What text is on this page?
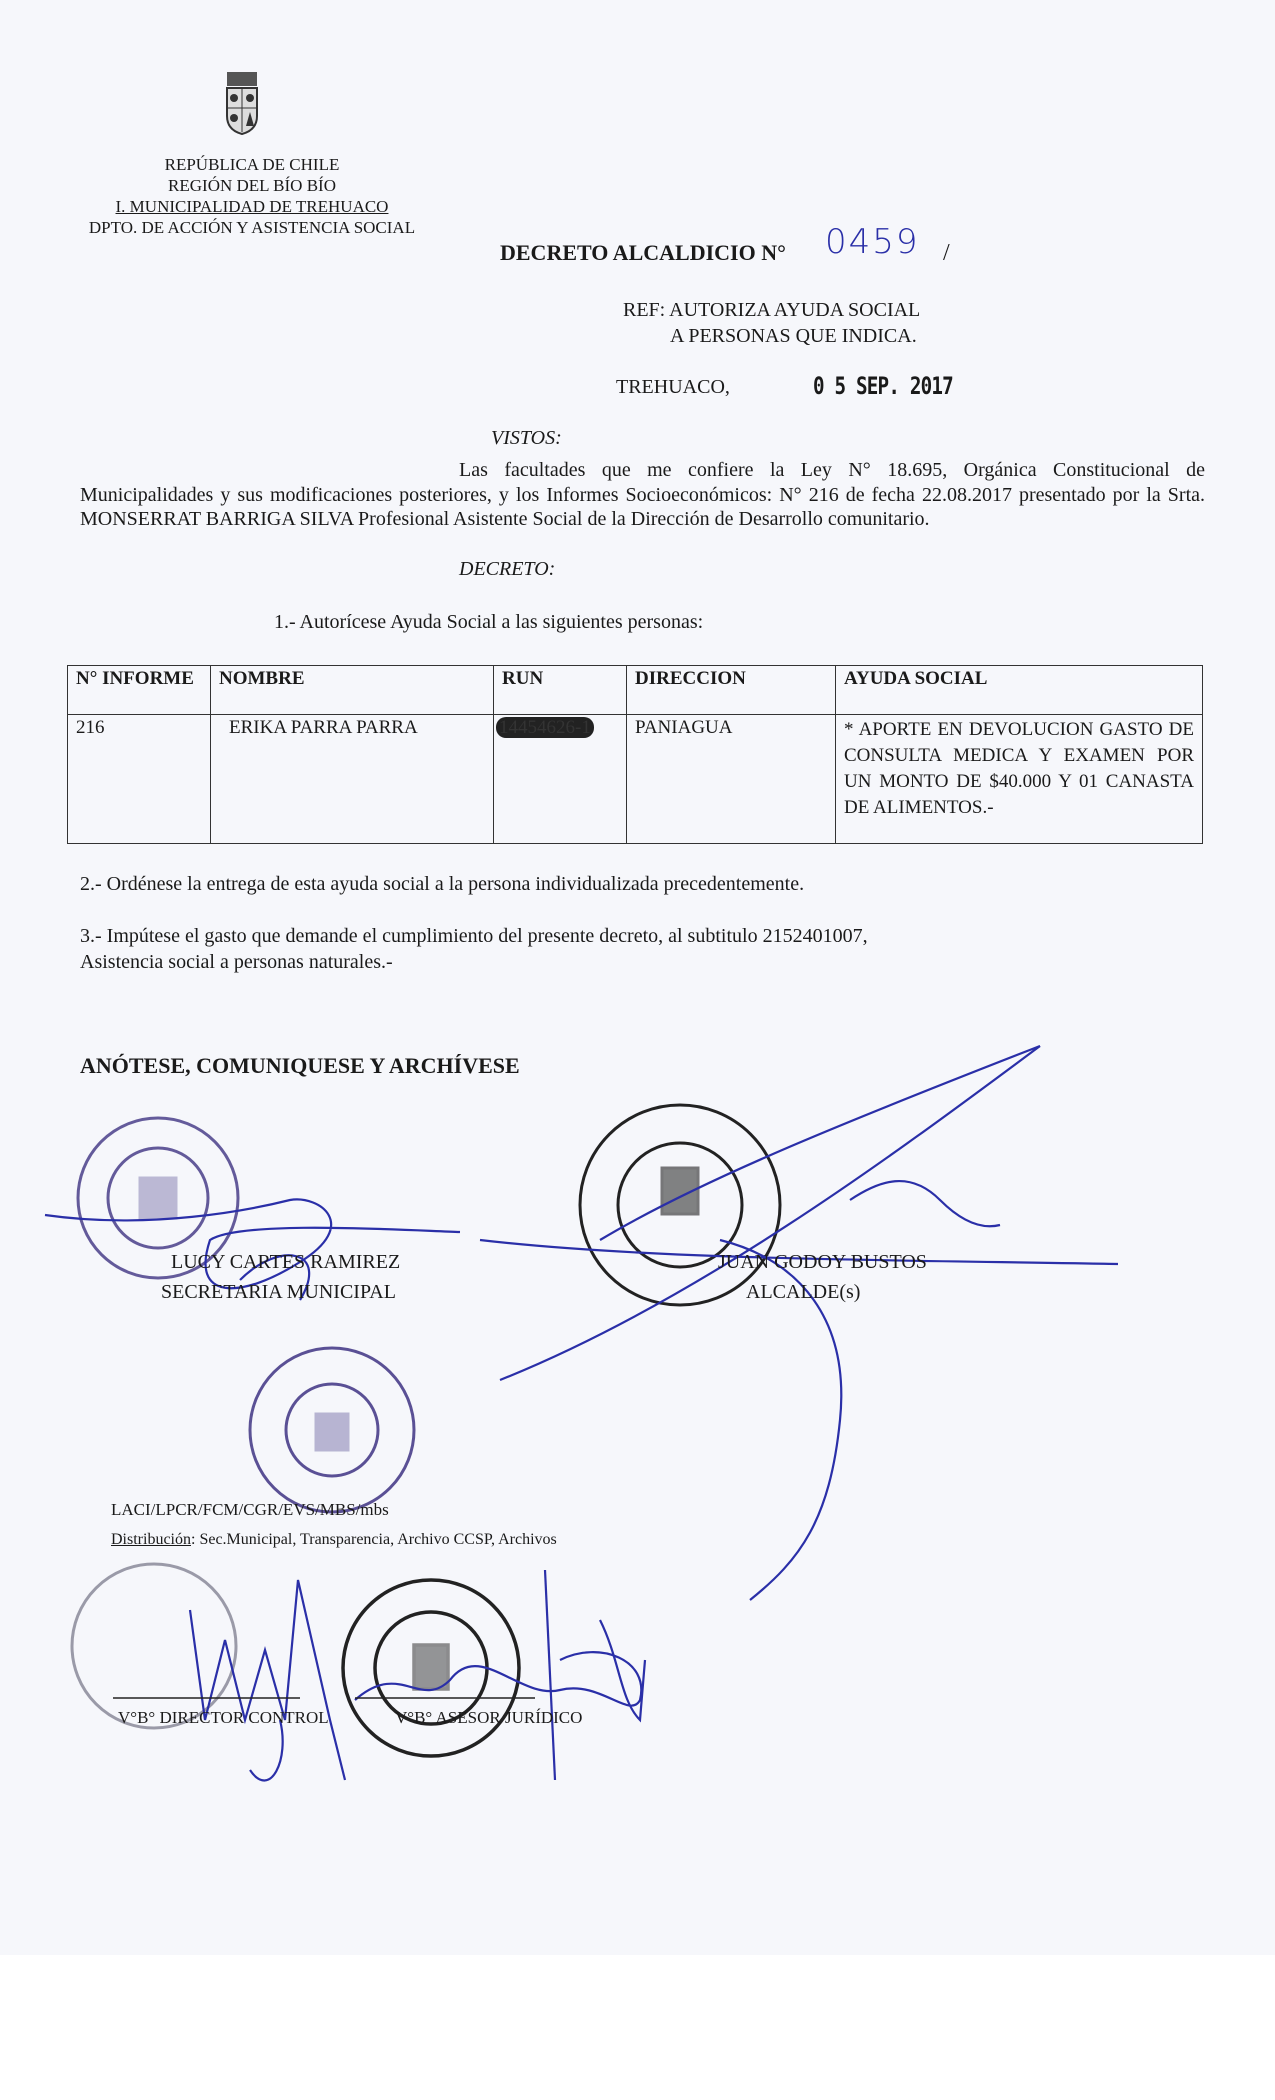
REPÚBLICA DE CHILE
REGIÓN DEL BÍO BÍO
I. MUNICIPALIDAD DE TREHUACO
DPTO. DE ACCIÓN Y ASISTENCIA SOCIAL
DECRETO ALCALDICIO N° 0459 /
REF: AUTORIZA AYUDA SOCIAL
A PERSONAS QUE INDICA.
TREHUACO,	0 5 SEP. 2017
VISTOS:
Las facultades que me confiere la Ley N° 18.695, Orgánica Constitucional de Municipalidades y sus modificaciones posteriores, y los Informes Socioeconómicos: N° 216 de fecha 22.08.2017 presentado por la Srta. MONSERRAT BARRIGA SILVA Profesional Asistente Social de la Dirección de Desarrollo comunitario.
DECRETO:
1.- Autorícese Ayuda Social a las siguientes personas:
N° INFORME	NOMBRE	RUN	DIRECCION	AYUDA SOCIAL
216	ERIKA PARRA PARRA	14454626-1	PANIAGUA	* APORTE EN DEVOLUCION GASTO DE CONSULTA MEDICA Y EXAMEN POR UN MONTO DE $40.000 Y 01 CANASTA DE ALIMENTOS.-
2.- Ordénese la entrega de esta ayuda social a la persona individualizada precedentemente.
3.- Impútese el gasto que demande el cumplimiento del presente decreto, al subtitulo 2152401007,
Asistencia social a personas naturales.-
ANÓTESE, COMUNIQUESE Y ARCHÍVESE
LUCY CARTES RAMIREZ
SECRETARIA MUNICIPAL
JUAN GODOY BUSTOS
ALCALDE(s)
LACI/LPCR/FCM/CGR/EVS/MBS/mbs
Distribución: Sec.Municipal, Transparencia, Archivo CCSP, Archivos
V°B° DIRECTOR CONTROL	V°B° ASESOR JURÍDICO
